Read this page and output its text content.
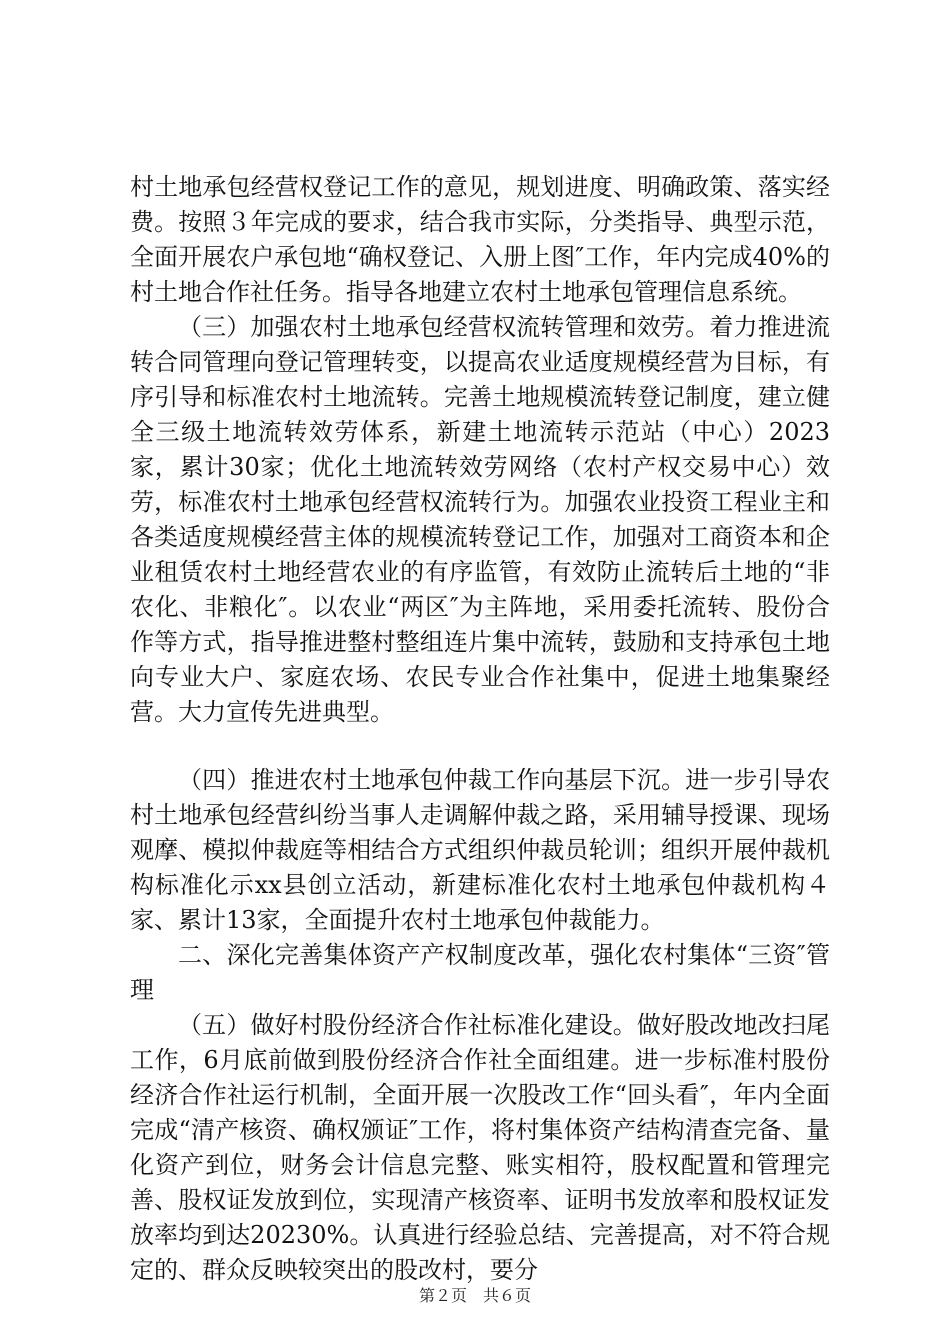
村土地承包经营权登记工作的意见，规划进度、明确政策、落实经费。按照３年完成的要求，结合我市实际，分类指导、典型示范，全面开展农户承包地“确权登记、入册上图″工作，年内完成40%的村土地合作社任务。指导各地建立农村土地承包管理信息系统。

（三）加强农村土地承包经营权流转管理和效劳。着力推进流转合同管理向登记管理转变，以提高农业适度规模经营为目标，有序引导和标准农村土地流转。完善土地规模流转登记制度，建立健全三级土地流转效劳体系，新建土地流转示范站（中心）2023家，累计30家；优化土地流转效劳网络（农村产权交易中心）效劳，标准农村土地承包经营权流转行为。加强农业投资工程业主和各类适度规模经营主体的规模流转登记工作，加强对工商资本和企业租赁农村土地经营农业的有序监管，有效防止流转后土地的“非农化、非粮化″。以农业“两区″为主阵地，采用委托流转、股份合作等方式，指导推进整村整组连片集中流转，鼓励和支持承包土地向专业大户、家庭农场、农民专业合作社集中，促进土地集聚经营。大力宣传先进典型。

（四）推进农村土地承包仲裁工作向基层下沉。进一步引导农村土地承包经营纠纷当事人走调解仲裁之路，采用辅导授课、现场观摩、模拟仲裁庭等相结合方式组织仲裁员轮训；组织开展仲裁机构标准化示xx县创立活动，新建标准化农村土地承包仲裁机构４家、累计13家，全面提升农村土地承包仲裁能力。

二、深化完善集体资产产权制度改革，强化农村集体“三资″管理

（五）做好村股份经济合作社标准化建设。做好股改地改扫尾工作，6月底前做到股份经济合作社全面组建。进一步标准村股份经济合作社运行机制，全面开展一次股改工作“回头看″，年内全面完成“清产核资、确权颁证″工作，将村集体资产结构清查完备、量化资产到位，财务会计信息完整、账实相符，股权配置和管理完善、股权证发放到位，实现清产核资率、证明书发放率和股权证发放率均到达20230%。认真进行经验总结、完善提高，对不符合规定的、群众反映较突出的股改村，要分

第２页　共６页
